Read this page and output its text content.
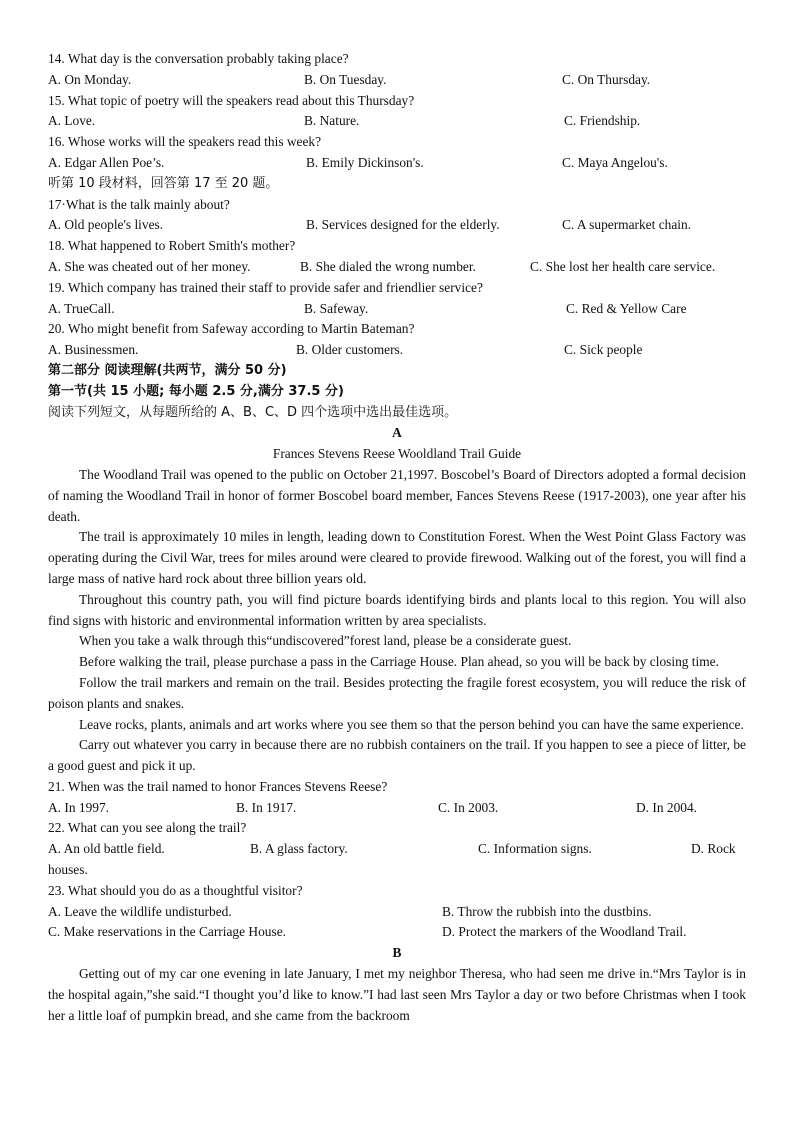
14. What day is the conversation probably taking place?
A. On Monday.	B. On Tuesday.	C. On Thursday.
15. What topic of poetry will the speakers read about this Thursday?
A. Love.	B. Nature.	C. Friendship.
16. Whose works will the speakers read this week?
A. Edgar Allen Poe’s.	B. Emily Dickinson's.	C. Maya Angelou's.
听第 10 段材料，回答第 17 至 20 题。
17·What is the talk mainly about?
A. Old people's lives.	B. Services designed for the elderly.	C. A supermarket chain.
18. What happened to Robert Smith's mother?
A. She was cheated out of her money.	B. She dialed the wrong number.	C. She lost her health care service.
19. Which company has trained their staff to provide safer and friendlier service?
A. TrueCall.	B. Safeway.	C. Red & Yellow Care
20. Who might benefit from Safeway according to Martin Bateman?
A. Businessmen.	B. Older customers.	C. Sick people
第二部分 阅读理解(共两节，满分 50 分)
第一节(共 15 小题; 每小题 2.5 分,满分 37.5 分)
阅读下列短文，从每题所给的 A、B、C、D 四个选项中选出最佳选项。
A
Frances Stevens Reese Wooldland Trail Guide

The Woodland Trail was opened to the public on October 21,1997. Boscobel’s Board of Directors adopted a formal decision of naming the Woodland Trail in honor of former Boscobel board member, Fances Stevens Reese (1917-2003), one year after his death.

The trail is approximately 10 miles in length, leading down to Constitution Forest. When the West Point Glass Factory was operating during the Civil War, trees for miles around were cleared to provide firewood. Walking out of the forest, you will find a large mass of native hard rock about three billion years old.

Throughout this country path, you will find picture boards identifying birds and plants local to this region. You will also find signs with historic and environmental information written by area specialists.

When you take a walk through this“undiscovered”forest land, please be a considerate guest.

Before walking the trail, please purchase a pass in the Carriage House. Plan ahead, so you will be back by closing time.

Follow the trail markers and remain on the trail. Besides protecting the fragile forest ecosystem, you will reduce the risk of poison plants and snakes.

Leave rocks, plants, animals and art works where you see them so that the person behind you can have the same experience.

Carry out whatever you carry in because there are no rubbish containers on the trail. If you happen to see a piece of litter, be a good guest and pick it up.

21. When was the trail named to honor Frances Stevens Reese?
A. In 1997.	B. In 1917.	C. In 2003.	D. In 2004.
22. What can you see along the trail?
A. An old battle field.	B. A glass factory.	C. Information signs.	D. Rock
houses.
23. What should you do as a thoughtful visitor?
A. Leave the wildlife undisturbed.	B. Throw the rubbish into the dustbins.
C. Make reservations in the Carriage House.	D. Protect the markers of the Woodland Trail.
B

Getting out of my car one evening in late January, I met my neighbor Theresa, who had seen me drive in.“Mrs Taylor is in the hospital again,”she said.“I thought you’d like to know.”I had last seen Mrs Taylor a day or two before Christmas when I took her a little loaf of pumpkin bread, and she came from the backroom
